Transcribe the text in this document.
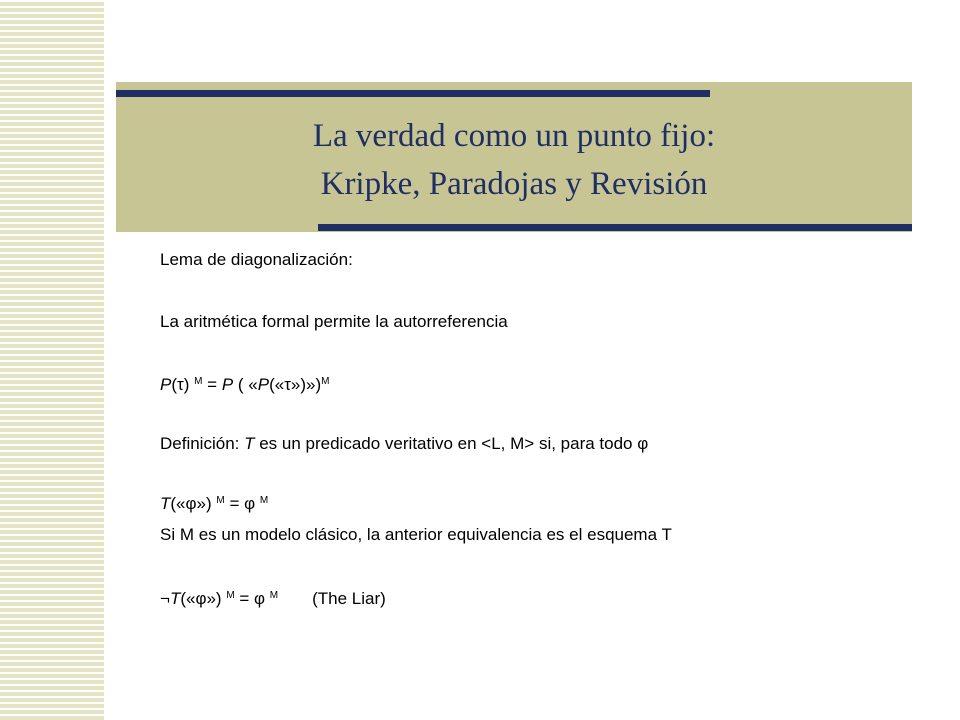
La verdad como un punto fijo:
Kripke, Paradojas y Revisión
Lema de diagonalización:
La aritmética formal permite la autorreferencia
P(τ) $^M$ = P ( «P(«τ»)»)$^M$
Definición: T es un predicado veritativo en <L, M> si, para todo φ
T(«φ») $^M$ = φ $^M$
Si M es un modelo clásico, la anterior equivalencia es el esquema T
¬T(«φ») $^M$ = φ $^M$ (The Liar)
